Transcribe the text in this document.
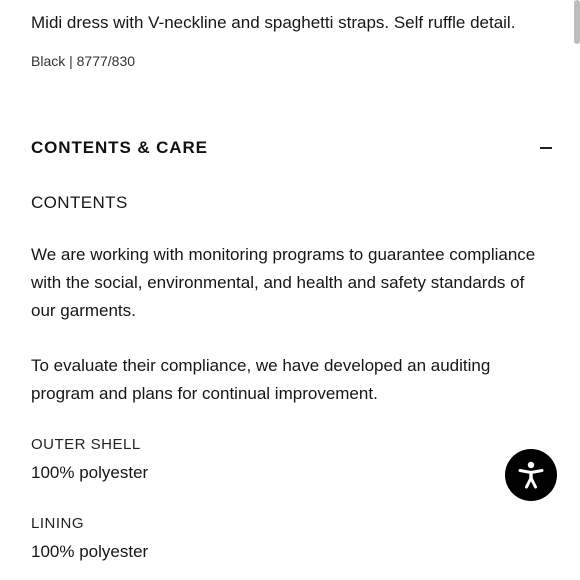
Midi dress with V-neckline and spaghetti straps. Self ruffle detail.
Black | 8777/830
CONTENTS & CARE
CONTENTS
We are working with monitoring programs to guarantee compliance with the social, environmental, and health and safety standards of our garments.
To evaluate their compliance, we have developed an auditing program and plans for continual improvement.
OUTER SHELL
100% polyester
LINING
100% polyester
